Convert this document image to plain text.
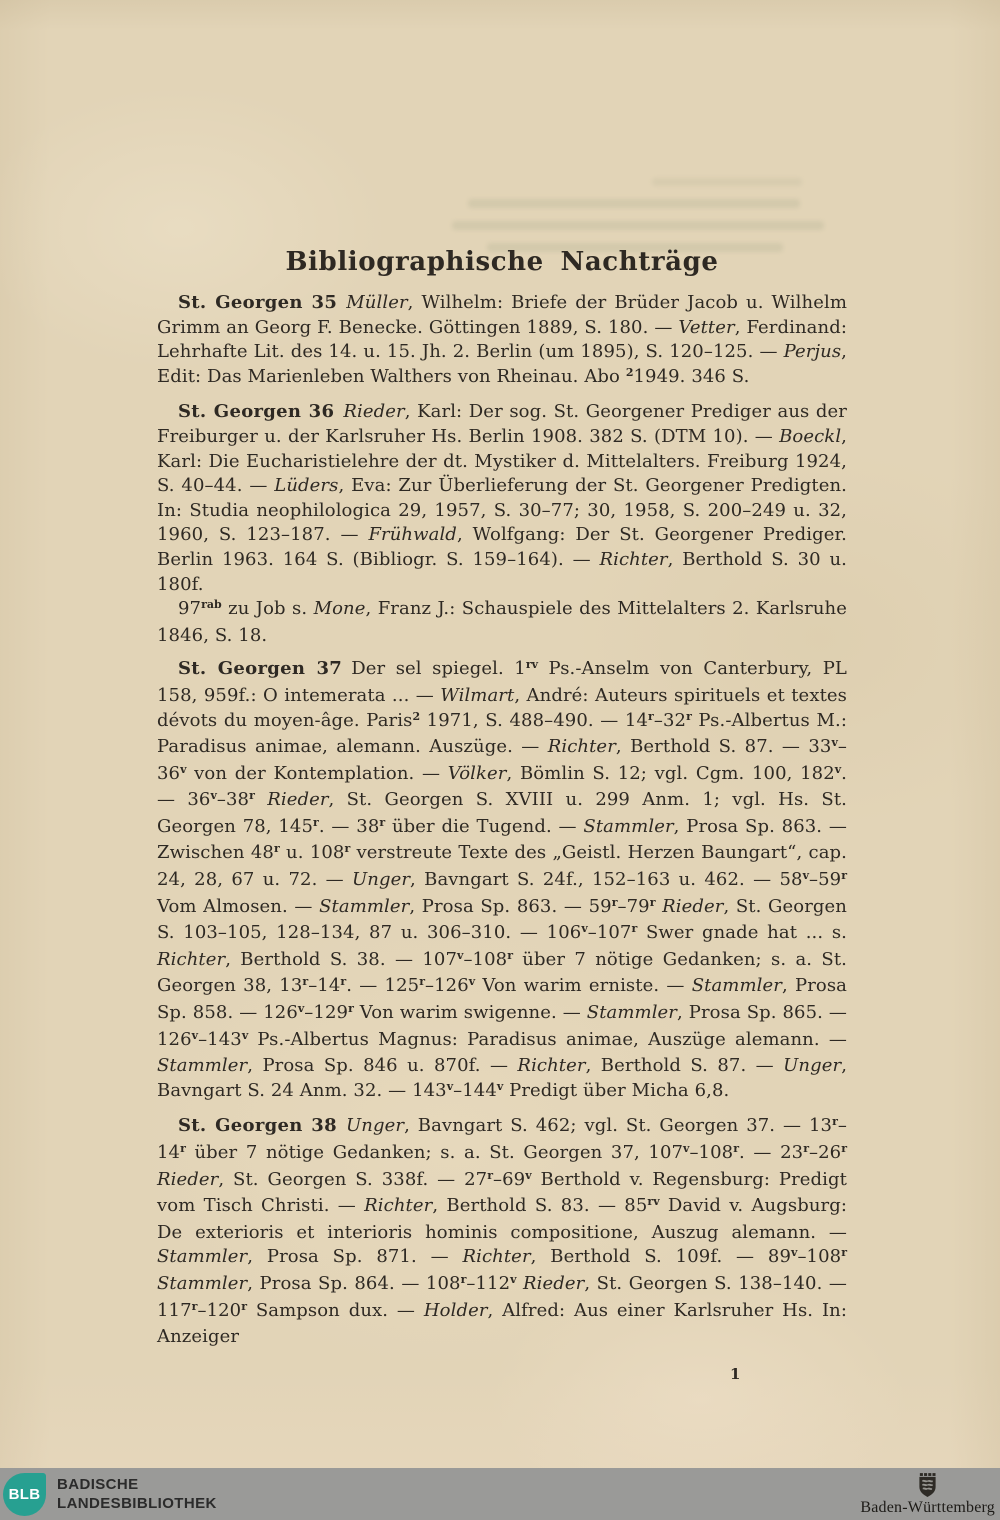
Bibliographische Nachträge

St. Georgen 35  Müller, Wilhelm: Briefe der Brüder Jacob u. Wilhelm Grimm an Georg F. Benecke. Göttingen 1889, S. 180. — Vetter, Ferdinand: Lehrhafte Lit. des 14. u. 15. Jh. 2. Berlin (um 1895), S. 120–125. — Perjus, Edit: Das Marienleben Walthers von Rheinau. Abo $^2$1949. 346 S.

St. Georgen 36  Rieder, Karl: Der sog. St. Georgener Prediger aus der Freiburger u. der Karlsruher Hs. Berlin 1908. 382 S. (DTM 10). — Boeckl, Karl: Die Eucharistielehre der dt. Mystiker d. Mittelalters. Freiburg 1924, S. 40–44. — Lüders, Eva: Zur Überlieferung der St. Georgener Predigten. In: Studia neophilologica 29, 1957, S. 30–77; 30, 1958, S. 200–249 u. 32, 1960, S. 123–187. — Frühwald, Wolfgang: Der St. Georgener Prediger. Berlin 1963. 164 S. (Bibliogr. S. 159–164). — Richter, Berthold S. 30 u. 180f.

$97^{rab}$ zu Job s. Mone, Franz J.: Schauspiele des Mittelalters 2. Karlsruhe 1846, S. 18.

St. Georgen 37 Der sel spiegel. $1^{rv}$ Ps.-Anselm von Canterbury, PL 158, 959f.: O intemerata ... — Wilmart, André: Auteurs spirituels et textes dévots du moyen-âge. Paris$^2$ 1971, S. 488–490. — 14$^r$–32$^r$ Ps.-Albertus M.: Paradisus animae, alemann. Auszüge. — Richter, Berthold S. 87. — 33$^v$–36$^v$ von der Kontemplation. — Völker, Bömlin S. 12; vgl. Cgm. 100, 182$^v$. — 36$^v$–38$^r$ Rieder, St. Georgen S. XVIII u. 299 Anm. 1; vgl. Hs. St. Georgen 78, 145$^r$. — 38$^r$ über die Tugend. — Stammler, Prosa Sp. 863. — Zwischen 48$^r$ u. 108$^r$ verstreute Texte des „Geistl. Herzen Baungart“, cap. 24, 28, 67 u. 72. — Unger, Bavngart S. 24f., 152–163 u. 462. — 58$^v$–59$^r$ Vom Almosen. — Stammler, Prosa Sp. 863. — 59$^r$–79$^r$ Rieder, St. Georgen S. 103–105, 128–134, 87 u. 306–310. — 106$^v$–107$^r$ Swer gnade hat ... s. Richter, Berthold S. 38. — 107$^v$–108$^r$ über 7 nötige Gedanken; s. a. St. Georgen 38, 13$^r$–14$^r$. — 125$^r$–126$^v$ Von warim erniste. — Stammler, Prosa Sp. 858. — 126$^v$–129$^r$ Von warim swigenne. — Stammler, Prosa Sp. 865. — 126$^v$–143$^v$ Ps.-Albertus Magnus: Paradisus animae, Auszüge alemann. — Stammler, Prosa Sp. 846 u. 870f. — Richter, Berthold S. 87. — Unger, Bavngart S. 24 Anm. 32. — 143$^v$–144$^v$ Predigt über Micha 6,8.

St. Georgen 38  Unger, Bavngart S. 462; vgl. St. Georgen 37. — 13$^r$–14$^r$ über 7 nötige Gedanken; s. a. St. Georgen 37, 107$^v$–108$^r$. — 23$^r$–26$^r$ Rieder, St. Georgen S. 338f. — 27$^r$–69$^v$ Berthold v. Regensburg: Predigt vom Tisch Christi. — Richter, Berthold S. 83. — $85^{rv}$ David v. Augsburg: De exterioris et interioris hominis compositione, Auszug alemann. — Stammler, Prosa Sp. 871. — Richter, Berthold S. 109f. — 89$^v$–108$^r$ Stammler, Prosa Sp. 864. — 108$^r$–112$^v$ Rieder, St. Georgen S. 138–140. — 117$^r$–120$^r$ Sampson dux. — Holder, Alfred: Aus einer Karlsruher Hs. In: Anzeiger

1
BLB
BADISCHE
LANDESBIBLIOTHEK	Baden-Württemberg
